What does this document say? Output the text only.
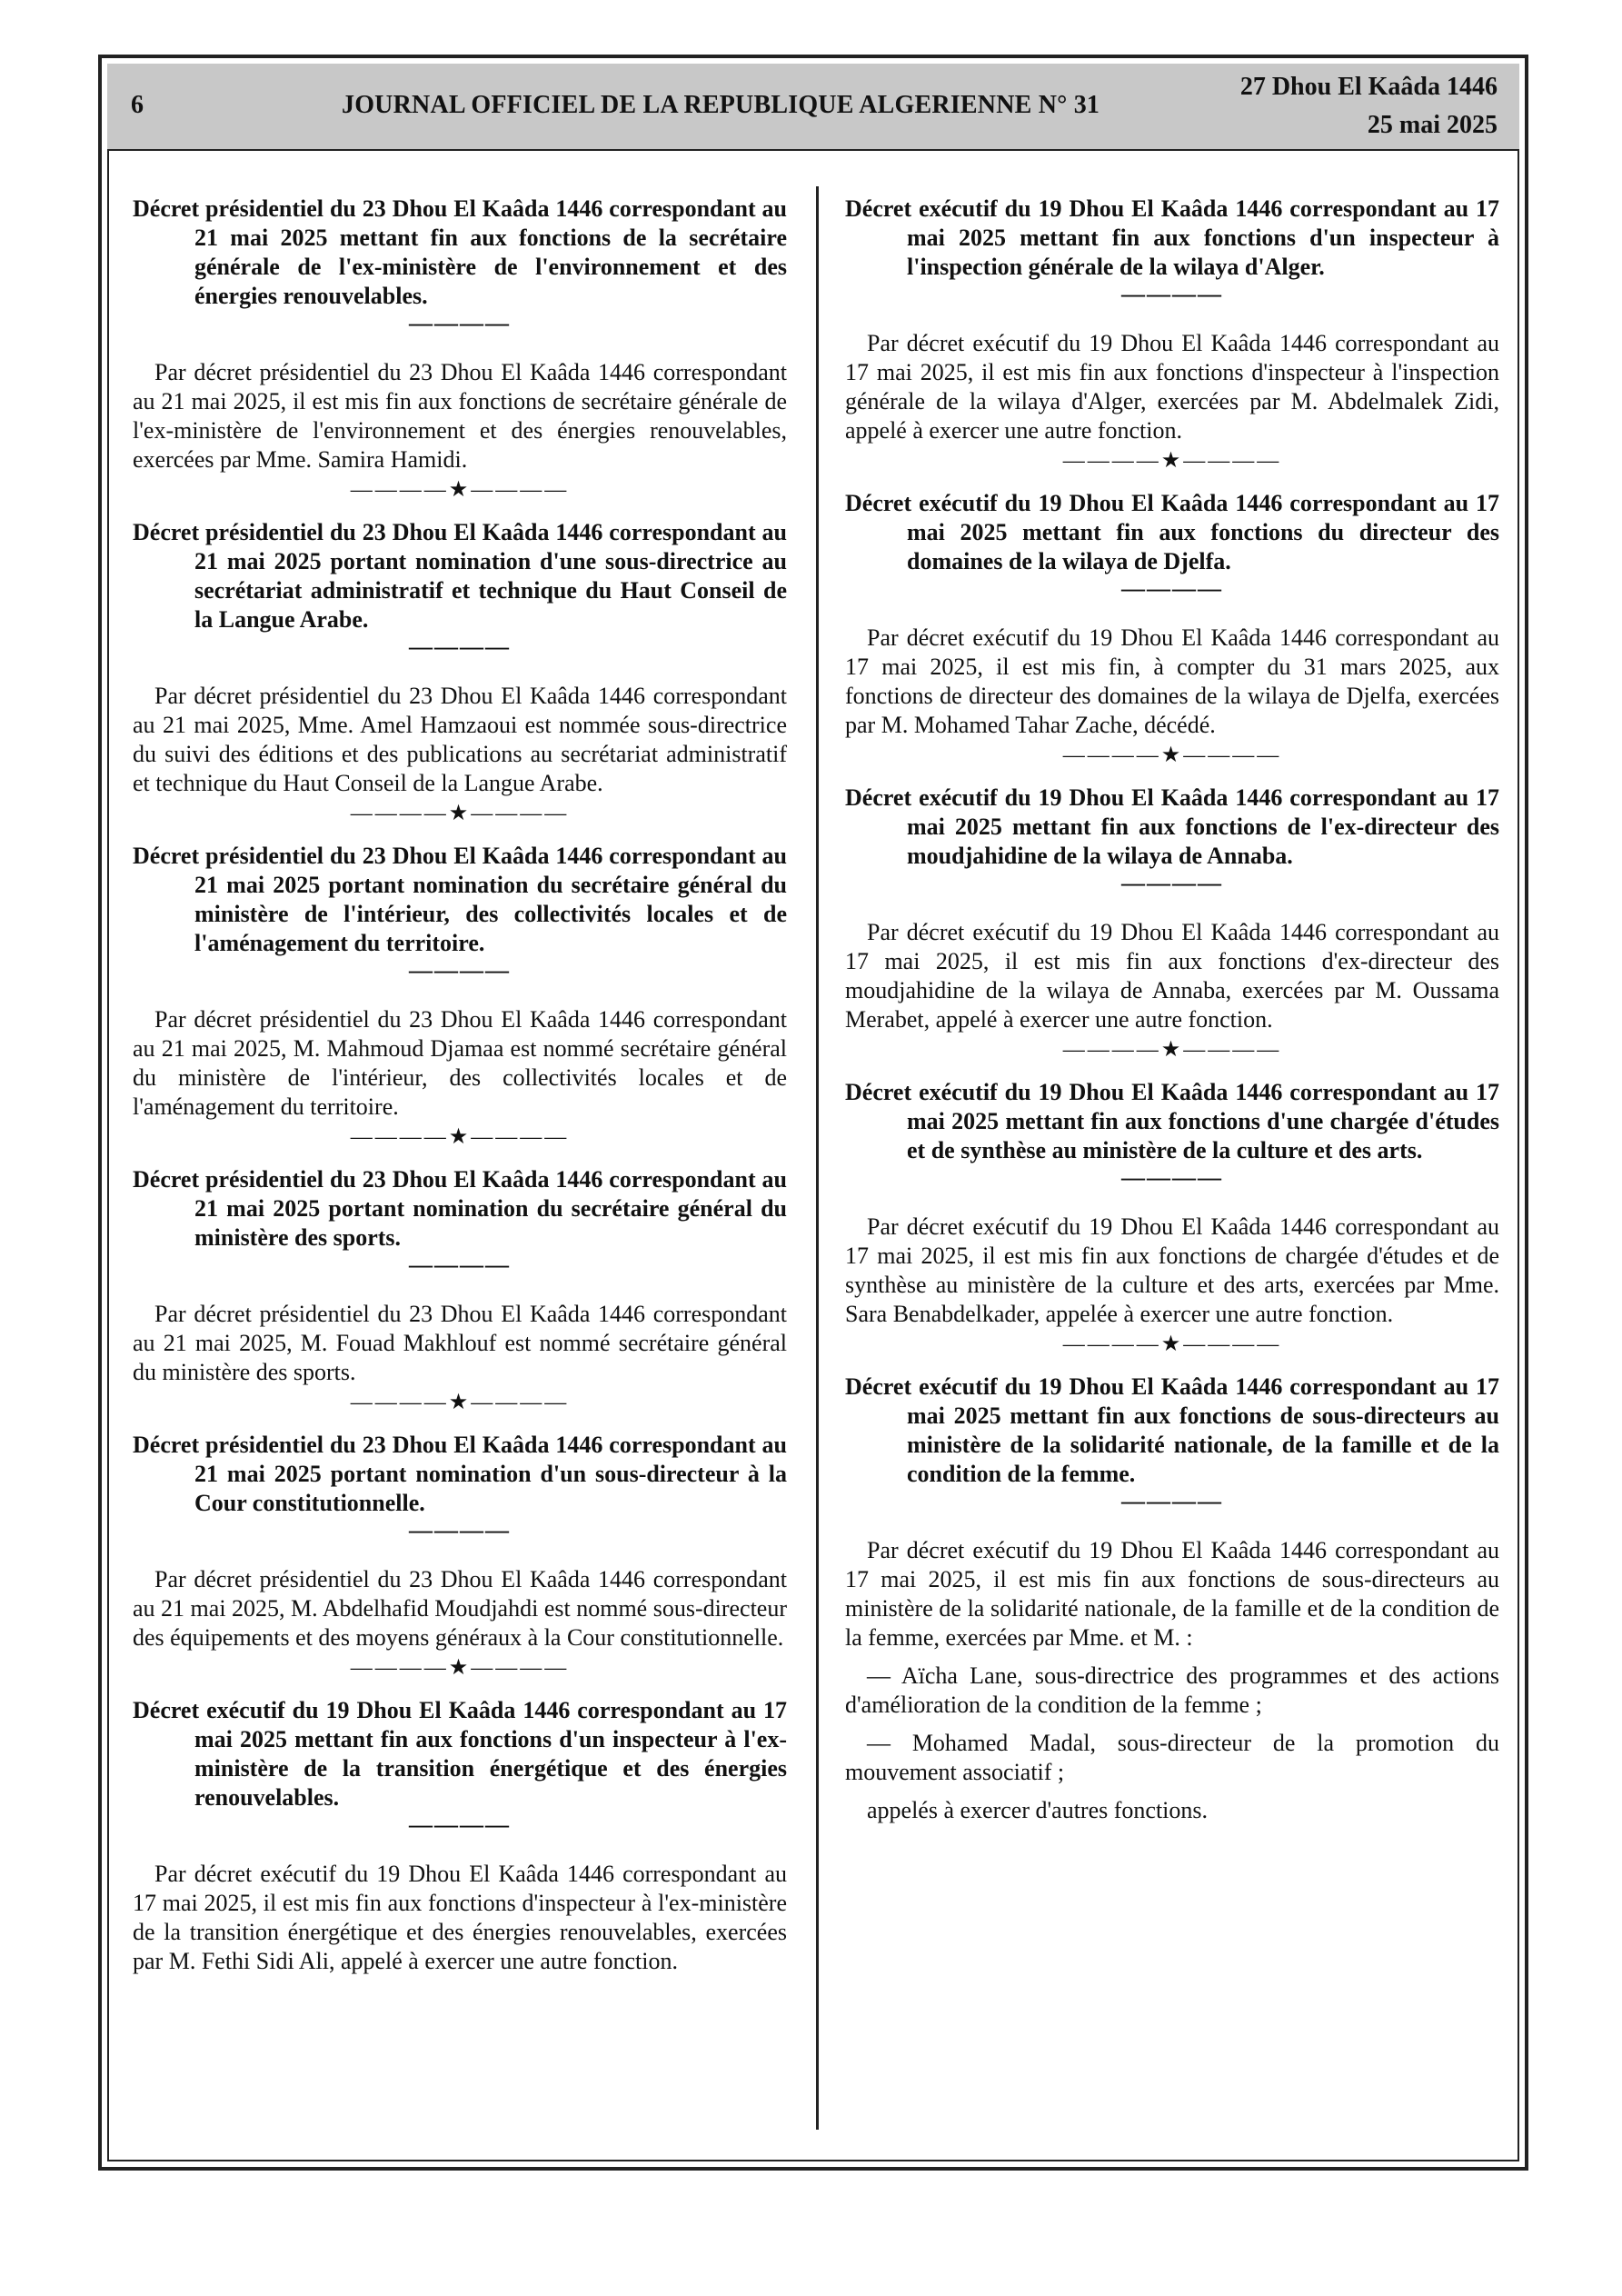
6	JOURNAL OFFICIEL DE LA REPUBLIQUE ALGERIENNE N° 31
27 Dhou El Kaâda 1446
25 mai 2025

Décret présidentiel du 23 Dhou El Kaâda 1446 correspondant au 21 mai 2025 mettant fin aux fonctions de la secrétaire générale de l'ex-ministère de l'environnement et des énergies renouvelables.

————

Par décret présidentiel du 23 Dhou El Kaâda 1446 correspondant au 21 mai 2025, il est mis fin aux fonctions de secrétaire générale de l'ex-ministère de l'environnement et des énergies renouvelables, exercées par Mme. Samira Hamidi.

————★————

Décret présidentiel du 23 Dhou El Kaâda 1446 correspondant au 21 mai 2025 portant nomination d'une sous-directrice au secrétariat administratif et technique du Haut Conseil de la Langue Arabe.

————

Par décret présidentiel du 23 Dhou El Kaâda 1446 correspondant au 21 mai 2025, Mme. Amel Hamzaoui est nommée sous-directrice du suivi des éditions et des publications au secrétariat administratif et technique du Haut Conseil de la Langue Arabe.

————★————

Décret présidentiel du 23 Dhou El Kaâda 1446 correspondant au 21 mai 2025 portant nomination du secrétaire général du ministère de l'intérieur, des collectivités locales et de l'aménagement du territoire.

————

Par décret présidentiel du 23 Dhou El Kaâda 1446 correspondant au 21 mai 2025, M. Mahmoud Djamaa est nommé secrétaire général du ministère de l'intérieur, des collectivités locales et de l'aménagement du territoire.

————★————

Décret présidentiel du 23 Dhou El Kaâda 1446 correspondant au 21 mai 2025 portant nomination du secrétaire général du ministère des sports.

————

Par décret présidentiel du 23 Dhou El Kaâda 1446 correspondant au 21 mai 2025, M. Fouad Makhlouf est nommé secrétaire général du ministère des sports.

————★————

Décret présidentiel du 23 Dhou El Kaâda 1446 correspondant au 21 mai 2025 portant nomination d'un sous-directeur à la Cour constitutionnelle.

————

Par décret présidentiel du 23 Dhou El Kaâda 1446 correspondant au 21 mai 2025, M. Abdelhafid Moudjahdi est nommé sous-directeur des équipements et des moyens généraux à la Cour constitutionnelle.

————★————

Décret exécutif du 19 Dhou El Kaâda 1446 correspondant au 17 mai 2025 mettant fin aux fonctions d'un inspecteur à l'ex-ministère de la transition énergétique et des énergies renouvelables.

————

Par décret exécutif du 19 Dhou El Kaâda 1446 correspondant au 17 mai 2025, il est mis fin aux fonctions d'inspecteur à l'ex-ministère de la transition énergétique et des énergies renouvelables, exercées par M. Fethi Sidi Ali, appelé à exercer une autre fonction.

Décret exécutif du 19 Dhou El Kaâda 1446 correspondant au 17 mai 2025 mettant fin aux fonctions d'un inspecteur à l'inspection générale de la wilaya d'Alger.

————

Par décret exécutif du 19 Dhou El Kaâda 1446 correspondant au 17 mai 2025, il est mis fin aux fonctions d'inspecteur à l'inspection générale de la wilaya d'Alger, exercées par M. Abdelmalek Zidi, appelé à exercer une autre fonction.

————★————

Décret exécutif du 19 Dhou El Kaâda 1446 correspondant au 17 mai 2025 mettant fin aux fonctions du directeur des domaines de la wilaya de Djelfa.

————

Par décret exécutif du 19 Dhou El Kaâda 1446 correspondant au 17 mai 2025, il est mis fin, à compter du 31 mars 2025, aux fonctions de directeur des domaines de la wilaya de Djelfa, exercées par M. Mohamed Tahar Zache, décédé.

————★————

Décret exécutif du 19 Dhou El Kaâda 1446 correspondant au 17 mai 2025 mettant fin aux fonctions de l'ex-directeur des moudjahidine de la wilaya de Annaba.

————

Par décret exécutif du 19 Dhou El Kaâda 1446 correspondant au 17 mai 2025, il est mis fin aux fonctions d'ex-directeur des moudjahidine de la wilaya de Annaba, exercées par M. Oussama Merabet, appelé à exercer une autre fonction.

————★————

Décret exécutif du 19 Dhou El Kaâda 1446 correspondant au 17 mai 2025 mettant fin aux fonctions d'une chargée d'études et de synthèse au ministère de la culture et des arts.

————

Par décret exécutif du 19 Dhou El Kaâda 1446 correspondant au 17 mai 2025, il est mis fin aux fonctions de chargée d'études et de synthèse au ministère de la culture et des arts, exercées par Mme. Sara Benabdelkader, appelée à exercer une autre fonction.

————★————

Décret exécutif du 19 Dhou El Kaâda 1446 correspondant au 17 mai 2025 mettant fin aux fonctions de sous-directeurs au ministère de la solidarité nationale, de la famille et de la condition de la femme.

————

Par décret exécutif du 19 Dhou El Kaâda 1446 correspondant au 17 mai 2025, il est mis fin aux fonctions de sous-directeurs au ministère de la solidarité nationale, de la famille et de la condition de la femme, exercées par Mme. et M. :

— Aïcha Lane, sous-directrice des programmes et des actions d'amélioration de la condition de la femme ;

— Mohamed Madal, sous-directeur de la promotion du mouvement associatif ;

appelés à exercer d'autres fonctions.
